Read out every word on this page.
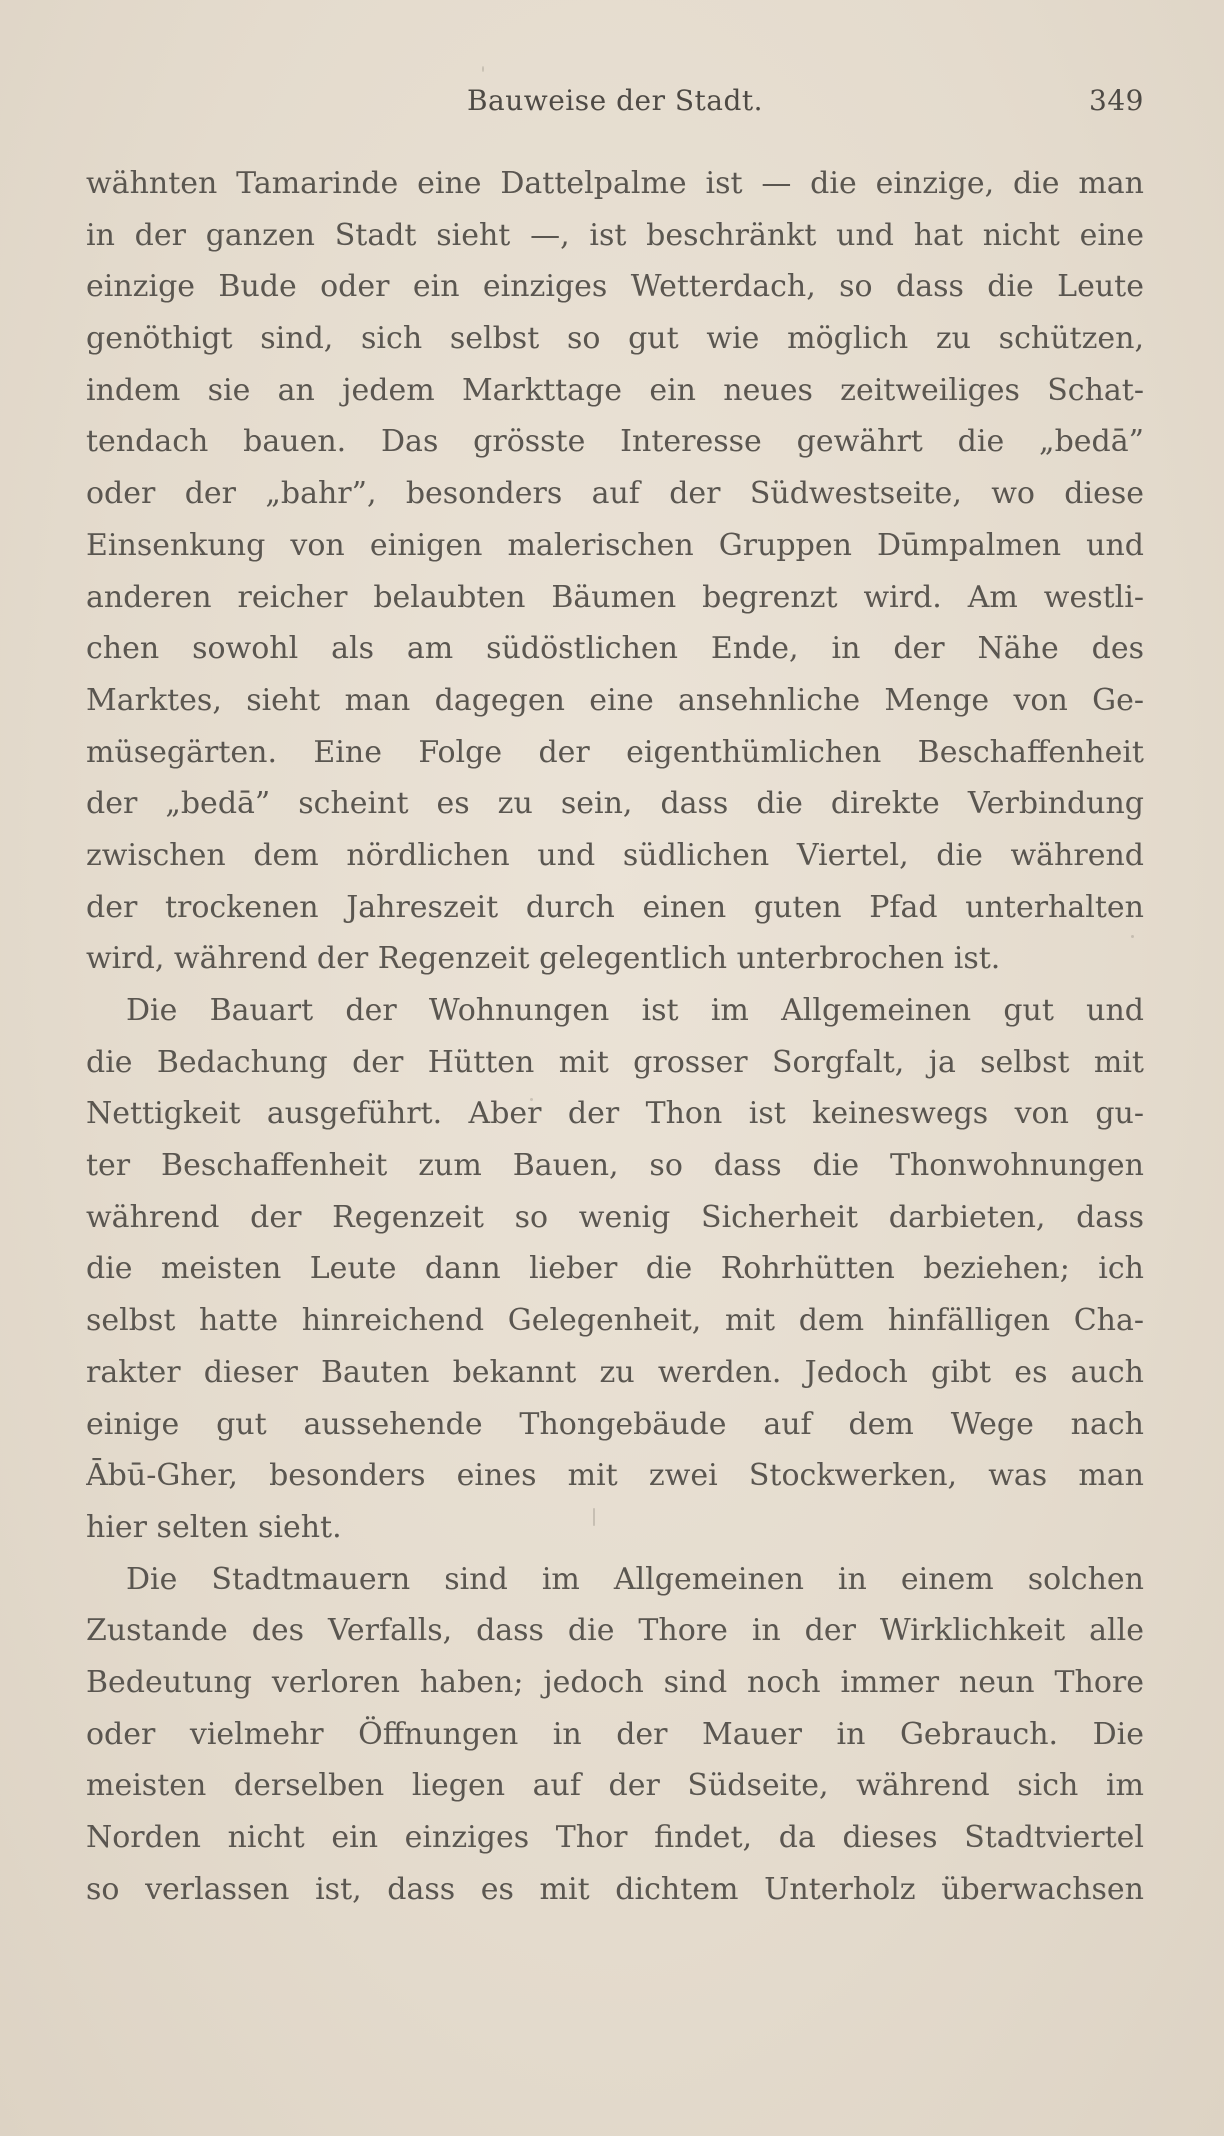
Bauweise der Stadt.	349
wähnten Tamarinde eine Dattelpalme ist — die einzige, die man
in der ganzen Stadt sieht —, ist beschränkt und hat nicht eine
einzige Bude oder ein einziges Wetterdach, so dass die Leute
genöthigt sind, sich selbst so gut wie möglich zu schützen,
indem sie an jedem Markttage ein neues zeitweiliges Schat-
tendach bauen. Das grösste Interesse gewährt die „bedā”
oder der „bahr”, besonders auf der Südwestseite, wo diese
Einsenkung von einigen malerischen Gruppen Dūmpalmen und
anderen reicher belaubten Bäumen begrenzt wird. Am westli-
chen sowohl als am südöstlichen Ende, in der Nähe des
Marktes, sieht man dagegen eine ansehnliche Menge von Ge-
müsegärten. Eine Folge der eigenthümlichen Beschaffenheit
der „bedā” scheint es zu sein, dass die direkte Verbindung
zwischen dem nördlichen und südlichen Viertel, die während
der trockenen Jahreszeit durch einen guten Pfad unterhalten
wird, während der Regenzeit gelegentlich unterbrochen ist.
Die Bauart der Wohnungen ist im Allgemeinen gut und
die Bedachung der Hütten mit grosser Sorgfalt, ja selbst mit
Nettigkeit ausgeführt. Aber der Thon ist keineswegs von gu-
ter Beschaffenheit zum Bauen, so dass die Thonwohnungen
während der Regenzeit so wenig Sicherheit darbieten, dass
die meisten Leute dann lieber die Rohrhütten beziehen; ich
selbst hatte hinreichend Gelegenheit, mit dem hinfälligen Cha-
rakter dieser Bauten bekannt zu werden. Jedoch gibt es auch
einige gut aussehende Thongebäude auf dem Wege nach
Ābū-Gher, besonders eines mit zwei Stockwerken, was man
hier selten sieht.
Die Stadtmauern sind im Allgemeinen in einem solchen
Zustande des Verfalls, dass die Thore in der Wirklichkeit alle
Bedeutung verloren haben; jedoch sind noch immer neun Thore
oder vielmehr Öffnungen in der Mauer in Gebrauch. Die
meisten derselben liegen auf der Südseite, während sich im
Norden nicht ein einziges Thor findet, da dieses Stadtviertel
so verlassen ist, dass es mit dichtem Unterholz überwachsen
